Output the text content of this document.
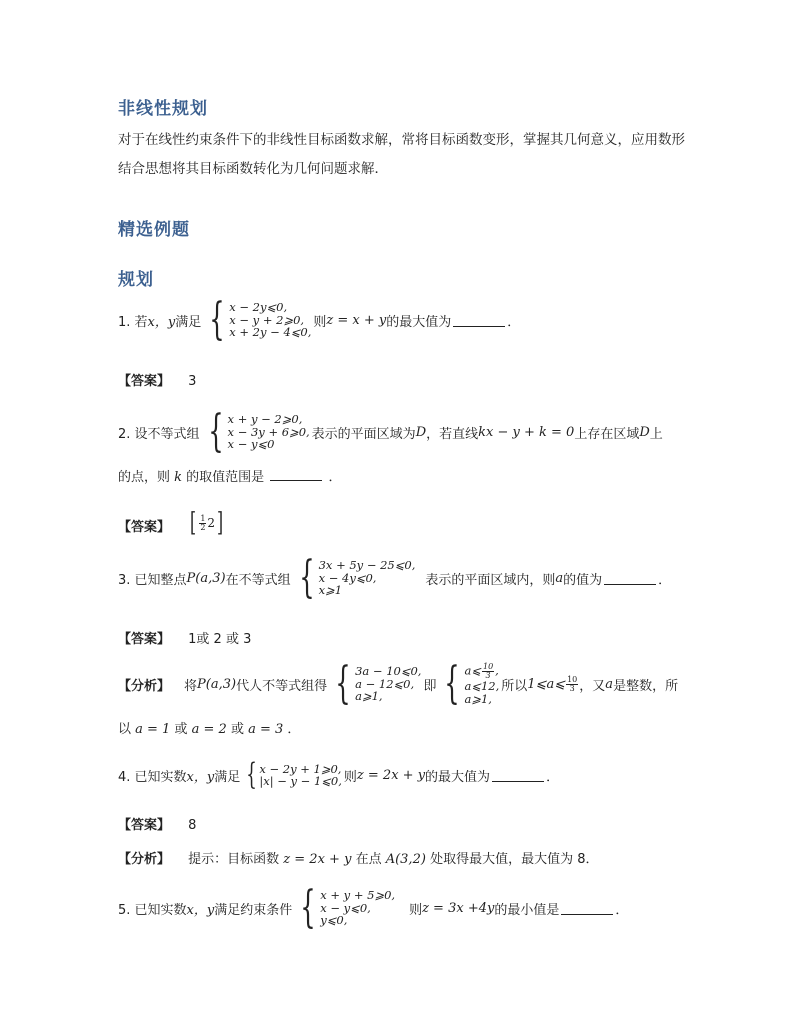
非线性规划
对于在线性约束条件下的非线性目标函数求解，常将目标函数变形，掌握其几何意义，应用数形结合思想将其目标函数转化为几何问题求解．
精选例题
规划
1. 若 x，y 满足 { x − 2y⩽0,
x − y + 2⩾0,
x + 2y − 4⩽0,
则 z = x + y 的最大值为	．
【答案】 3
2. 设不等式组 { x + y − 2⩾0,
x − 3y + 6⩾0,
x − y⩽0
表示的平面区域为 D ，若直线 kx − y + k = 0 上存在区域 D 上
的点，则 k 的取值范围是	．
【答案】 [ $\frac{1}{2} 2$ ]
3. 已知整点 P(a,3) 在不等式组 { 3x + 5y − 25⩽0,
x − 4y⩽0,
x⩾1
表示的平面区域内，则 a 的值为	．
【答案】 1或 2 或 3
【分析】 将 P(a,3) 代人不等式组得 { 3a − 10⩽0,
a − 12⩽0,
a⩾1,
即 { a⩽ $\frac{10}{3}$ ,
a⩽12,
a⩾1,
所以 1⩽a⩽ $\frac{10}{3}$ ，又 a 是整数，所
以 a = 1 或 a = 2 或 a = 3 ．
4. 已知实数 x，y 满足 { x − 2y + 1⩾0,
|x| − y − 1⩽0, 则 z = 2x + y 的最大值为	．
【答案】 8
【分析】 提示：目标函数 z = 2x + y 在点 A(3,2) 处取得最大值，最大值为 8．
5. 已知实数 x，y 满足约束条件 { x + y + 5⩾0,
x − y⩽0,
y⩽0,
则 z = 3x +4y 的最小值是	．
